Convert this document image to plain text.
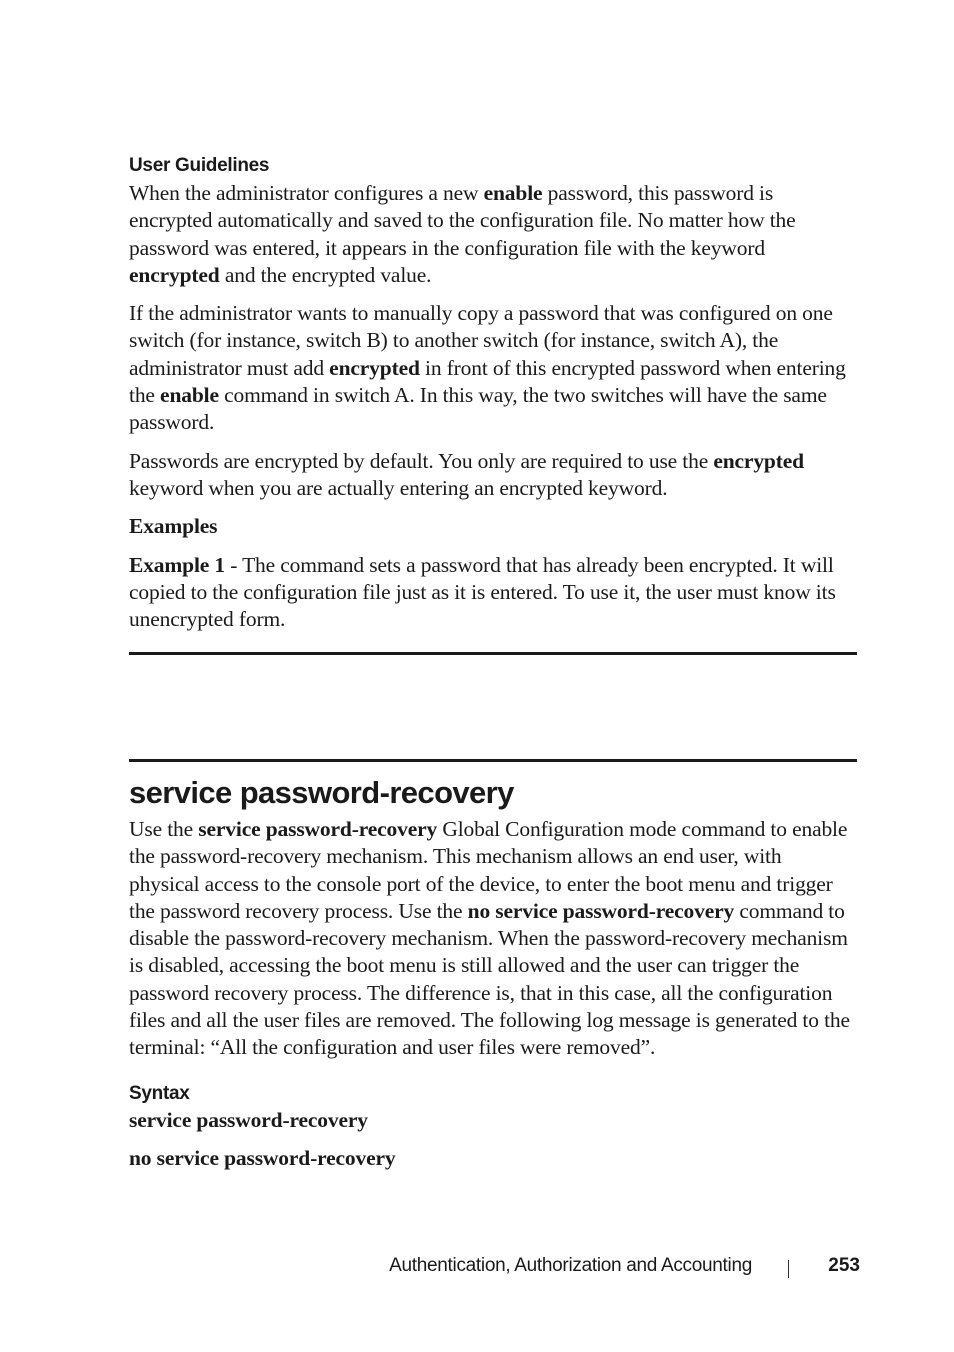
User Guidelines

When the administrator configures a new enable password, this password is encrypted automatically and saved to the configuration file. No matter how the password was entered, it appears in the configuration file with the keyword encrypted and the encrypted value.

If the administrator wants to manually copy a password that was configured on one switch (for instance, switch B) to another switch (for instance, switch A), the administrator must add encrypted in front of this encrypted password when entering the enable command in switch A. In this way, the two switches will have the same password.

Passwords are encrypted by default. You only are required to use the encrypted keyword when you are actually entering an encrypted keyword.

Examples

Example 1 - The command sets a password that has already been encrypted. It will copied to the configuration file just as it is entered. To use it, the user must know its unencrypted form.

service password-recovery

Use the service password-recovery Global Configuration mode command to enable the password-recovery mechanism. This mechanism allows an end user, with physical access to the console port of the device, to enter the boot menu and trigger the password recovery process. Use the no service password-recovery command to disable the password-recovery mechanism. When the password-recovery mechanism is disabled, accessing the boot menu is still allowed and the user can trigger the password recovery process. The difference is, that in this case, all the configuration files and all the user files are removed. The following log message is generated to the terminal: “All the configuration and user files were removed”.

Syntax

service password-recovery

no service password-recovery

Authentication, Authorization and Accounting	253
